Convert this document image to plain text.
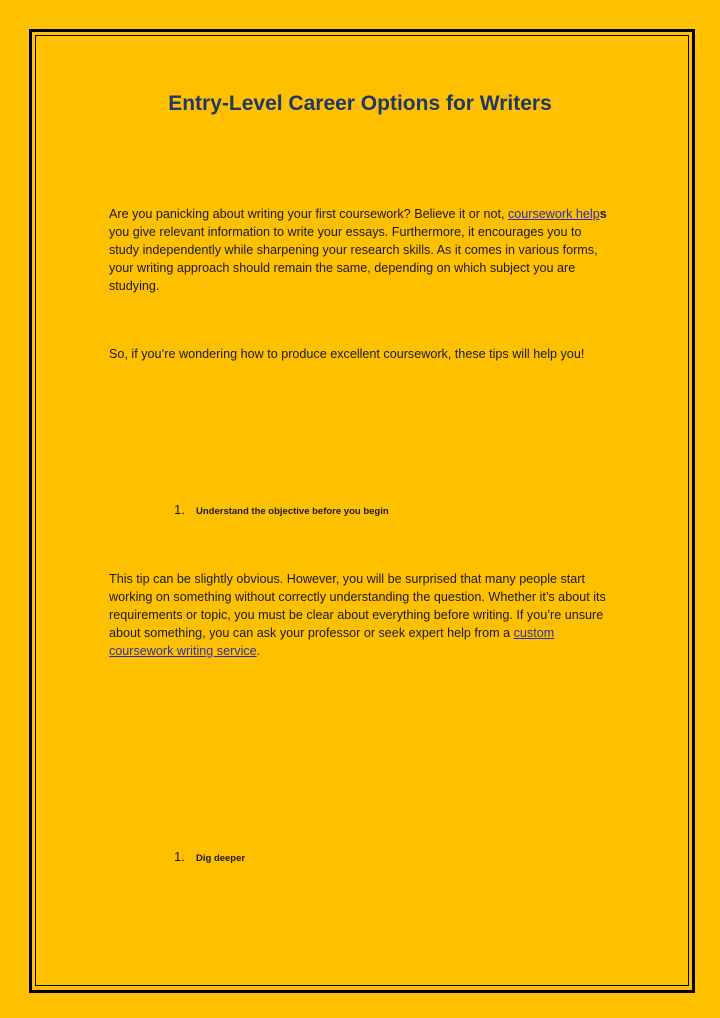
Entry-Level Career Options for Writers

Are you panicking about writing your first coursework? Believe it or not, coursework helps you give relevant information to write your essays. Furthermore, it encourages you to study independently while sharpening your research skills. As it comes in various forms, your writing approach should remain the same, depending on which subject you are studying.

So, if you’re wondering how to produce excellent coursework, these tips will help you!

1. Understand the objective before you begin

This tip can be slightly obvious. However, you will be surprised that many people start working on something without correctly understanding the question. Whether it’s about its requirements or topic, you must be clear about everything before writing. If you’re unsure about something, you can ask your professor or seek expert help from a custom coursework writing service.

1. Dig deeper
